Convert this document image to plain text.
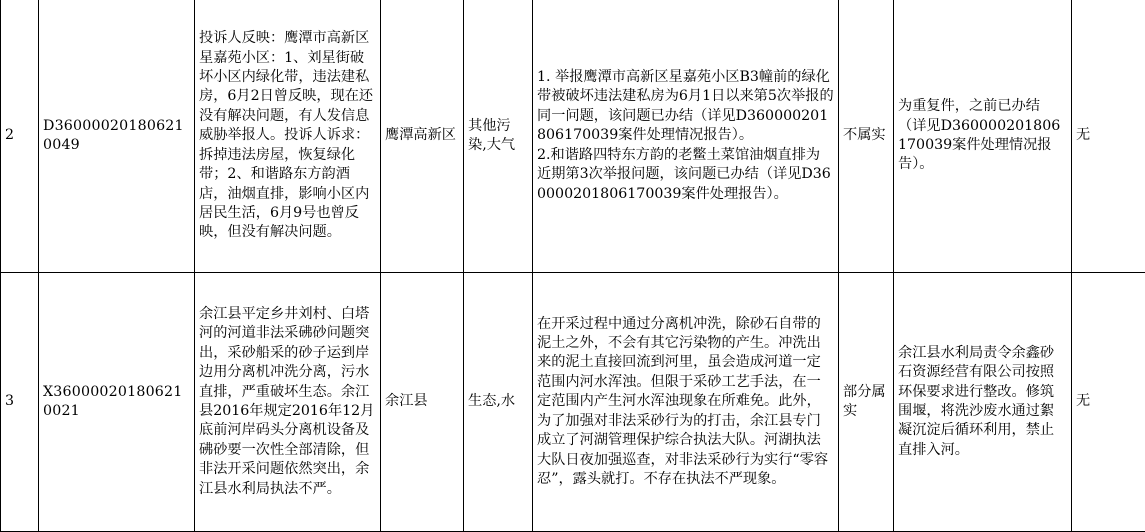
2	D360000201806210049	投诉人反映：鹰潭市高新区星嘉苑小区：1、刘星街破坏小区内绿化带，违法建私房，6月2日曾反映，现在还没有解决问题，有人发信息威胁举报人。投诉人诉求：拆掉违法房屋，恢复绿化带；2、和谐路东方韵酒店，油烟直排，影响小区内居民生活，6月9号也曾反映，但没有解决问题。	鹰潭高新区	其他污染,大气	1. 举报鹰潭市高新区星嘉苑小区B3幢前的绿化带被破坏违法建私房为6月1日以来第5次举报的同一问题，该问题已办结（详见D360000201806170039案件处理情况报告）。
2.和谐路四特东方韵的老鳖土菜馆油烟直排为近期第3次举报问题，该问题已办结（详见D360000201806170039案件处理报告）。	不属实	为重复件，之前已办结（详见D360000201806170039案件处理情况报告）。	无
3	X360000201806210021	余江县平定乡井刘村、白塔河的河道非法采砩砂问题突出，采砂船采的砂子运到岸边用分离机冲洗分离，污水直排，严重破坏生态。余江县2016年规定2016年12月底前河岸码头分离机设备及砩砂要一次性全部清除，但非法开采问题依然突出，余江县水利局执法不严。	余江县	生态,水	在开采过程中通过分离机冲洗，除砂石自带的泥土之外，不会有其它污染物的产生。冲洗出来的泥土直接回流到河里，虽会造成河道一定范围内河水浑浊。但限于采砂工艺手法，在一定范围内产生河水浑浊现象在所难免。此外，为了加强对非法采砂行为的打击，余江县专门成立了河湖管理保护综合执法大队。河湖执法大队日夜加强巡查，对非法采砂行为实行“零容忍”，露头就打。不存在执法不严现象。	部分属实	余江县水利局责令余鑫砂石资源经营有限公司按照环保要求进行整改。修筑围堰，将洗沙废水通过絮凝沉淀后循环利用，禁止直排入河。	无
